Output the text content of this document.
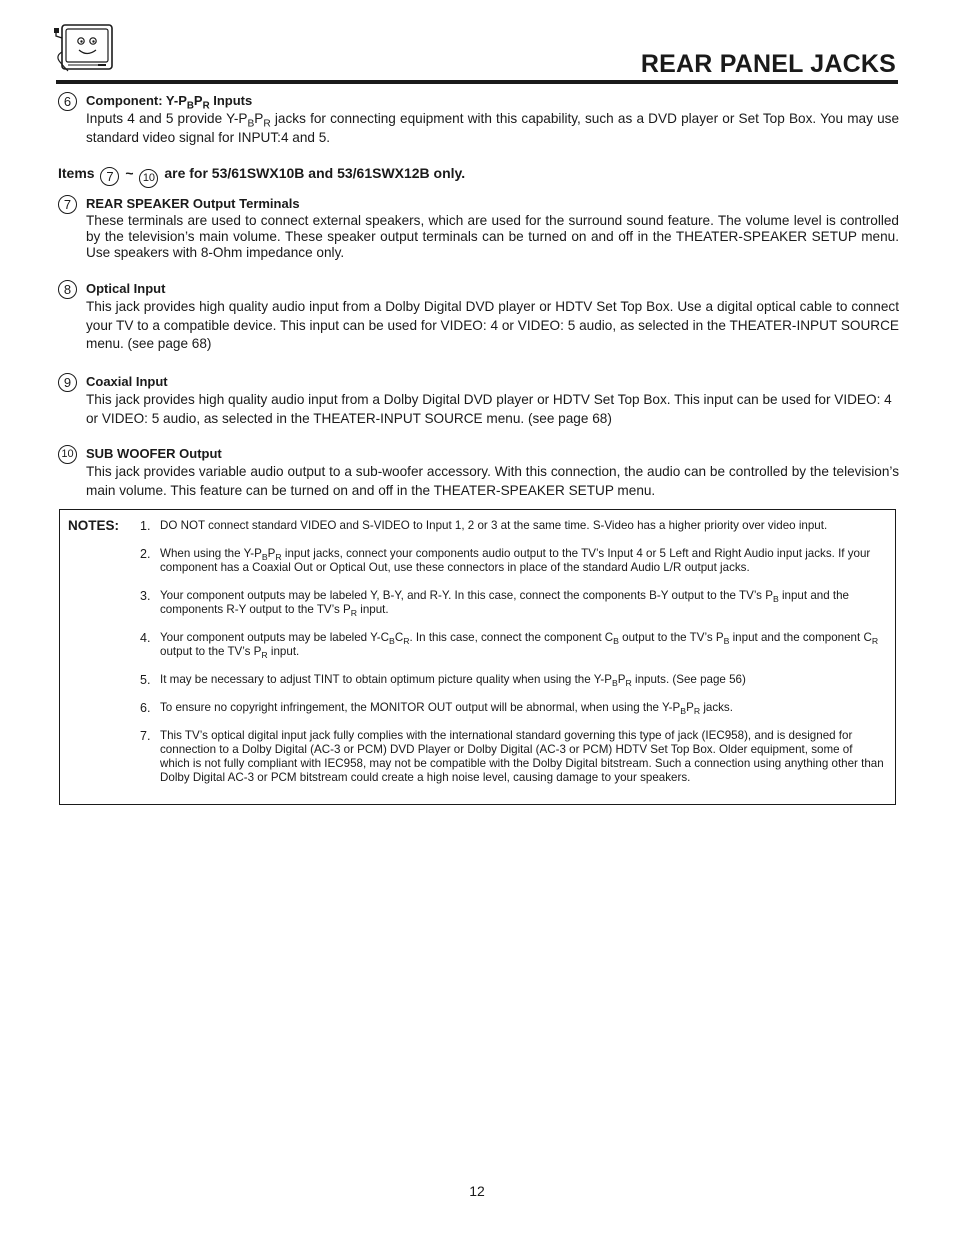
REAR PANEL JACKS
6	Component: $Y-P_BP_R$ Inputs
Inputs 4 and 5 provide $Y-P_BP_R$ jacks for connecting equipment with this capability, such as a DVD player or Set Top Box. You may use standard video signal for INPUT:4 and 5.
Items 7 ~ 10 are for 53/61SWX10B and 53/61SWX12B only.
7	REAR SPEAKER Output Terminals
These terminals are used to connect external speakers, which are used for the surround sound feature. The volume level is controlled by the television’s main volume. These speaker output terminals can be turned on and off in the THEATER-SPEAKER SETUP menu. Use speakers with 8-Ohm impedance only.
8	Optical Input
This jack provides high quality audio input from a Dolby Digital DVD player or HDTV Set Top Box. Use a digital optical cable to connect your TV to a compatible device. This input can be used for VIDEO: 4 or VIDEO: 5 audio, as selected in the THEATER-INPUT SOURCE menu. (see page 68)
9	Coaxial Input
This jack provides high quality audio input from a Dolby Digital DVD player or HDTV Set Top Box. This input can be used for VIDEO: 4 or VIDEO: 5 audio, as selected in the THEATER-INPUT SOURCE menu. (see page 68)
10 SUB WOOFER Output
This jack provides variable audio output to a sub-woofer accessory. With this connection, the audio can be controlled by the television’s main volume. This feature can be turned on and off in the THEATER-SPEAKER SETUP menu.
NOTES: 1. DO NOT connect standard VIDEO and S-VIDEO to Input 1, 2 or 3 at the same time. S-Video has a higher priority over video input.
2. When using the $Y-P_BP_R$ input jacks, connect your components audio output to the TV’s Input 4 or 5 Left and Right Audio input jacks. If your component has a Coaxial Out or Optical Out, use these connectors in place of the standard Audio L/R output jacks.
3. Your component outputs may be labeled Y, B-Y, and R-Y. In this case, connect the components B-Y output to the TV’s $P_B$ input and the components R-Y output to the TV’s $P_R$ input.
4. Your component outputs may be labeled $Y-C_BC_R$. In this case, connect the component $C_B$ output to the TV’s $P_B$ input and the component $C_R$ output to the TV’s $P_R$ input.
5. It may be necessary to adjust TINT to obtain optimum picture quality when using the $Y-P_BP_R$ inputs. (See page 56)
6. To ensure no copyright infringement, the MONITOR OUT output will be abnormal, when using the $Y-P_BP_R$ jacks.
7. This TV’s optical digital input jack fully complies with the international standard governing this type of jack (IEC958), and is designed for connection to a Dolby Digital (AC-3 or PCM) DVD Player or Dolby Digital (AC-3 or PCM) HDTV Set Top Box. Older equipment, some of which is not fully compliant with IEC958, may not be compatible with the Dolby Digital bitstream. Such a connection using anything other than Dolby Digital AC-3 or PCM bitstream could create a high noise level, causing damage to your speakers.
12
